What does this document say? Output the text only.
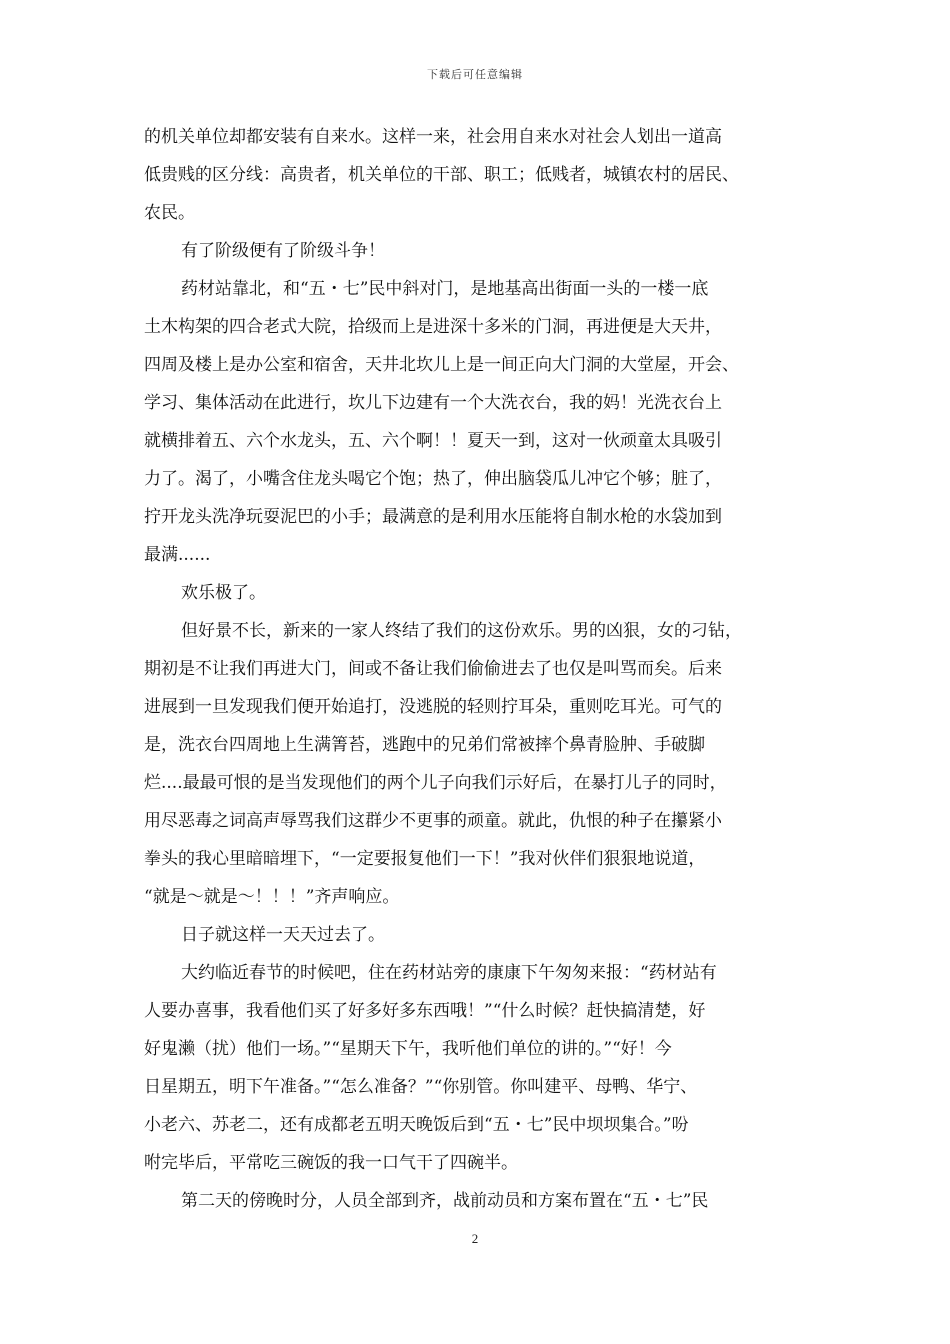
下载后可任意编辑
的机关单位却都安装有自来水。这样一来，社会用自来水对社会人划出一道高
低贵贱的区分线：高贵者，机关单位的干部、职工；低贱者，城镇农村的居民、
农民。
有了阶级便有了阶级斗争！
药材站靠北，和“五・七”民中斜对门，是地基高出街面一头的一楼一底
土木构架的四合老式大院，拾级而上是进深十多米的门洞，再进便是大天井，
四周及楼上是办公室和宿舍，天井北坎儿上是一间正向大门洞的大堂屋，开会、
学习、集体活动在此进行，坎儿下边建有一个大洗衣台，我的妈！光洗衣台上
就横排着五、六个水龙头，五、六个啊！！夏天一到，这对一伙顽童太具吸引
力了。渴了，小嘴含住龙头喝它个饱；热了，伸出脑袋瓜儿冲它个够；脏了，
拧开龙头洗净玩耍泥巴的小手；最满意的是利用水压能将自制水枪的水袋加到
最满......
欢乐极了。
但好景不长，新来的一家人终结了我们的这份欢乐。男的凶狠，女的刁钻，
期初是不让我们再进大门，间或不备让我们偷偷进去了也仅是叫骂而矣。后来
进展到一旦发现我们便开始追打，没逃脱的轻则拧耳朵，重则吃耳光。可气的
是，洗衣台四周地上生满箐苔，逃跑中的兄弟们常被摔个鼻青脸肿、手破脚
烂....最最可恨的是当发现他们的两个儿子向我们示好后，在暴打儿子的同时，
用尽恶毒之词高声辱骂我们这群少不更事的顽童。就此，仇恨的种子在攥紧小
拳头的我心里暗暗埋下，“一定要报复他们一下！”我对伙伴们狠狠地说道，
“就是～就是～！！！”齐声响应。
日子就这样一天天过去了。
大约临近春节的时候吧，住在药材站旁的康康下午匆匆来报：“药材站有
人要办喜事，我看他们买了好多好多东西哦！”“什么时候？赶快搞清楚，好
好鬼濑（扰）他们一场。”“星期天下午，我听他们单位的讲的。”“好！今
日星期五，明下午准备。”“怎么准备？”“你别管。你叫建平、母鸭、华宁、
小老六、苏老二，还有成都老五明天晚饭后到“五・七”民中坝坝集合。”吩
咐完毕后，平常吃三碗饭的我一口气干了四碗半。
第二天的傍晚时分，人员全部到齐，战前动员和方案布置在“五・七”民
2
